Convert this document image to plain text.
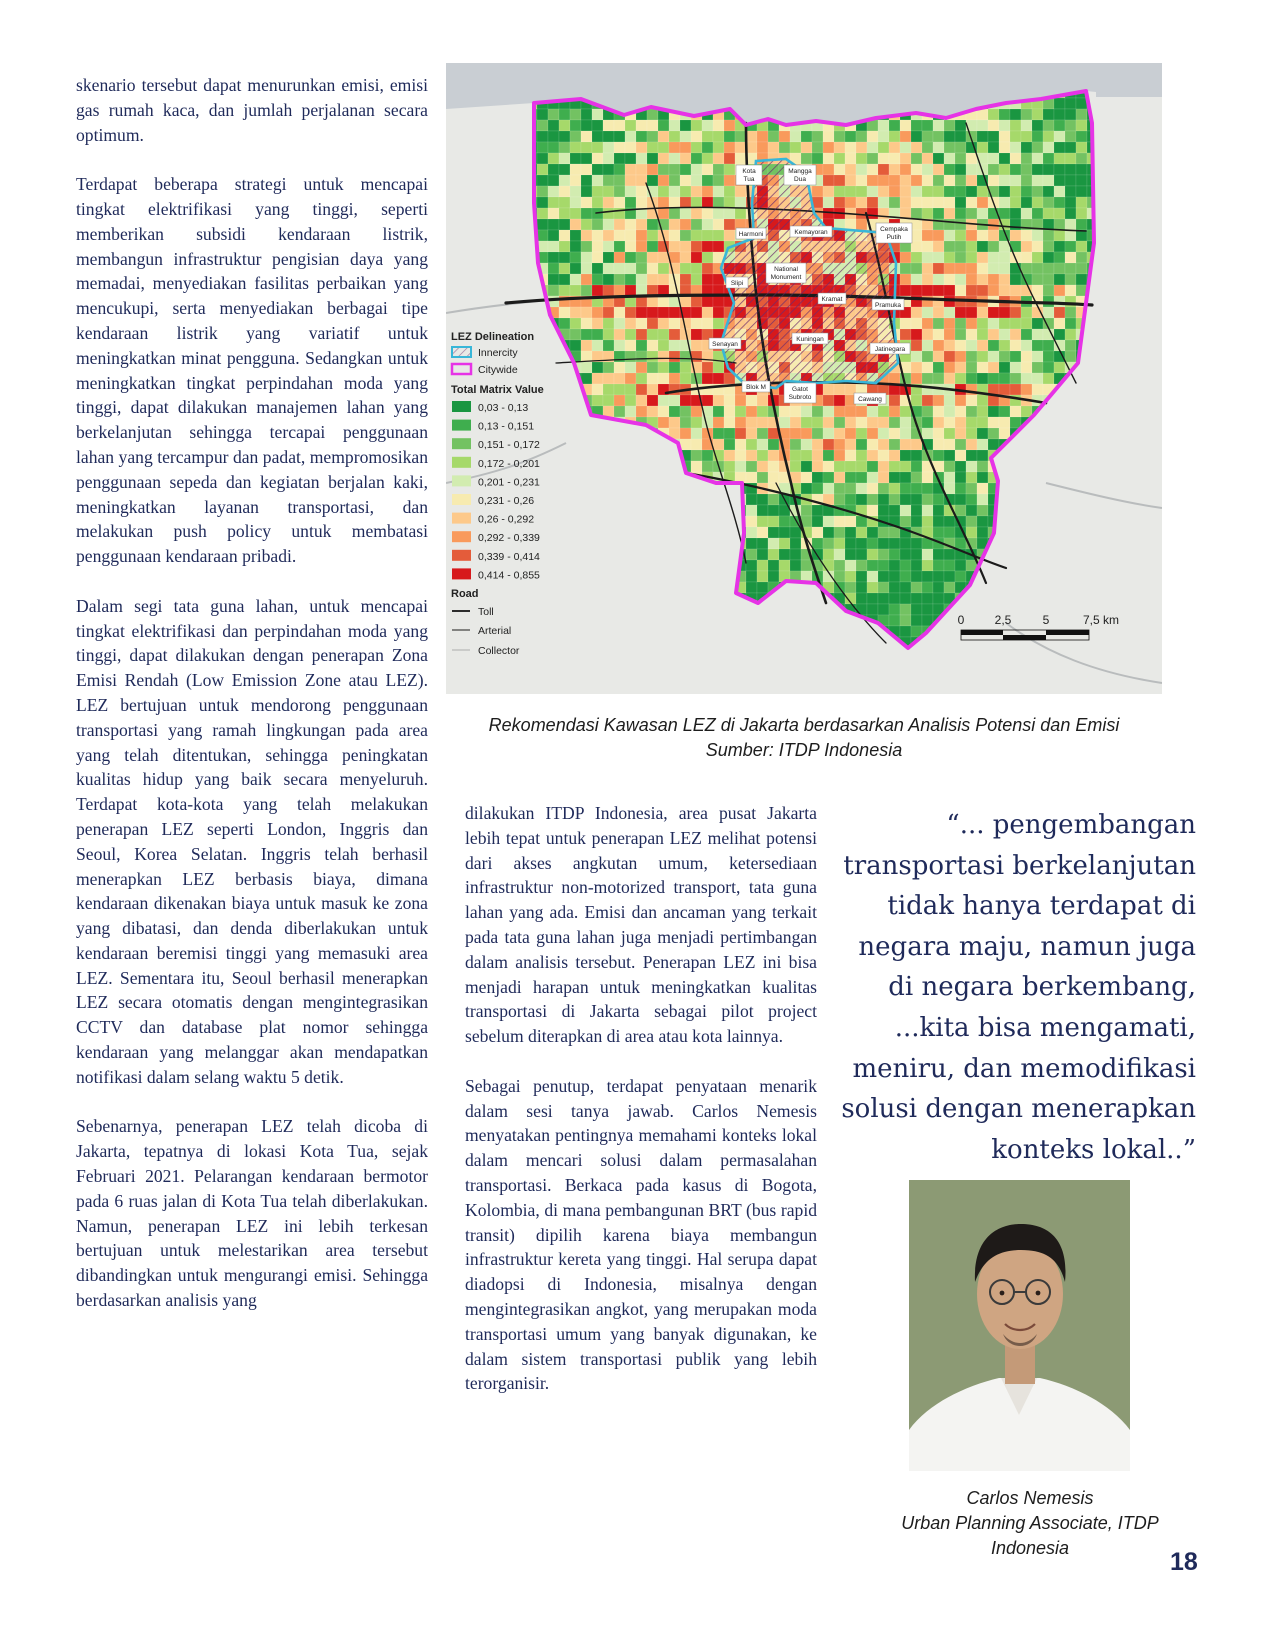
skenario tersebut dapat menurunkan emisi, emisi gas rumah kaca, dan jumlah perjalanan secara optimum.

Terdapat beberapa strategi untuk mencapai tingkat elektrifikasi yang tinggi, seperti memberikan subsidi kendaraan listrik, membangun infrastruktur pengisian daya yang memadai, menyediakan fasilitas perbaikan yang mencukupi, serta menyediakan berbagai tipe kendaraan listrik yang variatif untuk meningkatkan minat pengguna. Sedangkan untuk meningkatkan tingkat perpindahan moda yang tinggi, dapat dilakukan manajemen lahan yang berkelanjutan sehingga tercapai penggunaan lahan yang tercampur dan padat, mempromosikan penggunaan sepeda dan kegiatan berjalan kaki, meningkatkan layanan transportasi, dan melakukan push policy untuk membatasi penggunaan kendaraan pribadi.

Dalam segi tata guna lahan, untuk mencapai tingkat elektrifikasi dan perpindahan moda yang tinggi, dapat dilakukan dengan penerapan Zona Emisi Rendah (Low Emission Zone atau LEZ). LEZ bertujuan untuk mendorong penggunaan transportasi yang ramah lingkungan pada area yang telah ditentukan, sehingga peningkatan kualitas hidup yang baik secara menyeluruh. Terdapat kota-kota yang telah melakukan penerapan LEZ seperti London, Inggris dan Seoul, Korea Selatan. Inggris telah berhasil menerapkan LEZ berbasis biaya, dimana kendaraan dikenakan biaya untuk masuk ke zona yang dibatasi, dan denda diberlakukan untuk kendaraan beremisi tinggi yang memasuki area LEZ. Sementara itu, Seoul berhasil menerapkan LEZ secara otomatis dengan mengintegrasikan CCTV dan database plat nomor sehingga kendaraan yang melanggar akan mendapatkan notifikasi dalam selang waktu 5 detik.

Sebenarnya, penerapan LEZ telah dicoba di Jakarta, tepatnya di lokasi Kota Tua, sejak Februari 2021. Pelarangan kendaraan bermotor pada 6 ruas jalan di Kota Tua telah diberlakukan. Namun, penerapan LEZ ini lebih terkesan bertujuan untuk melestarikan area tersebut dibandingkan untuk mengurangi emisi. Sehingga berdasarkan analisis yang

Kota
Tua
Mangga
Dua
Harmoni	Kemayoran	Cempaka
Putih
Slipi
National
Monument
Kramat
Pramuka
Senayan
Kuningan
Jatinegara
Blok M	Gatot
Subroto	Cawang
LEZ Delineation
Innercity
Citywide
Total Matrix Value
0,03 - 0,13
0,13 - 0,151
0,151 - 0,172
0,172 - 0,201
0,201 - 0,231
0,231 - 0,26
0,26 - 0,292
0,292 - 0,339
0,339 - 0,414
0,414 - 0,855
Road
Toll
Arterial
Collector
0	2,5	5	7,5 km
Rekomendasi Kawasan LEZ di Jakarta berdasarkan Analisis Potensi dan Emisi
Sumber: ITDP Indonesia

dilakukan ITDP Indonesia, area pusat Jakarta lebih tepat untuk penerapan LEZ melihat potensi dari akses angkutan umum, ketersediaan infrastruktur non-motorized transport, tata guna lahan yang ada. Emisi dan ancaman yang terkait pada tata guna lahan juga menjadi pertimbangan dalam analisis tersebut. Penerapan LEZ ini bisa menjadi harapan untuk meningkatkan kualitas transportasi di Jakarta sebagai pilot project sebelum diterapkan di area atau kota lainnya.

Sebagai penutup, terdapat penyataan menarik dalam sesi tanya jawab. Carlos Nemesis menyatakan pentingnya memahami konteks lokal dalam mencari solusi dalam permasalahan transportasi. Berkaca pada kasus di Bogota, Kolombia, di mana pembangunan BRT (bus rapid transit) dipilih karena biaya membangun infrastruktur kereta yang tinggi. Hal serupa dapat diadopsi di Indonesia, misalnya dengan mengintegrasikan angkot, yang merupakan moda transportasi umum yang banyak digunakan, ke dalam sistem transportasi publik yang lebih terorganisir.

“... pengembangan transportasi berkelanjutan tidak hanya terdapat di negara maju, namun juga di negara berkembang, ...kita bisa mengamati, meniru, dan memodifikasi solusi dengan menerapkan konteks lokal..”
Carlos Nemesis
Urban Planning Associate, ITDP
Indonesia	18
